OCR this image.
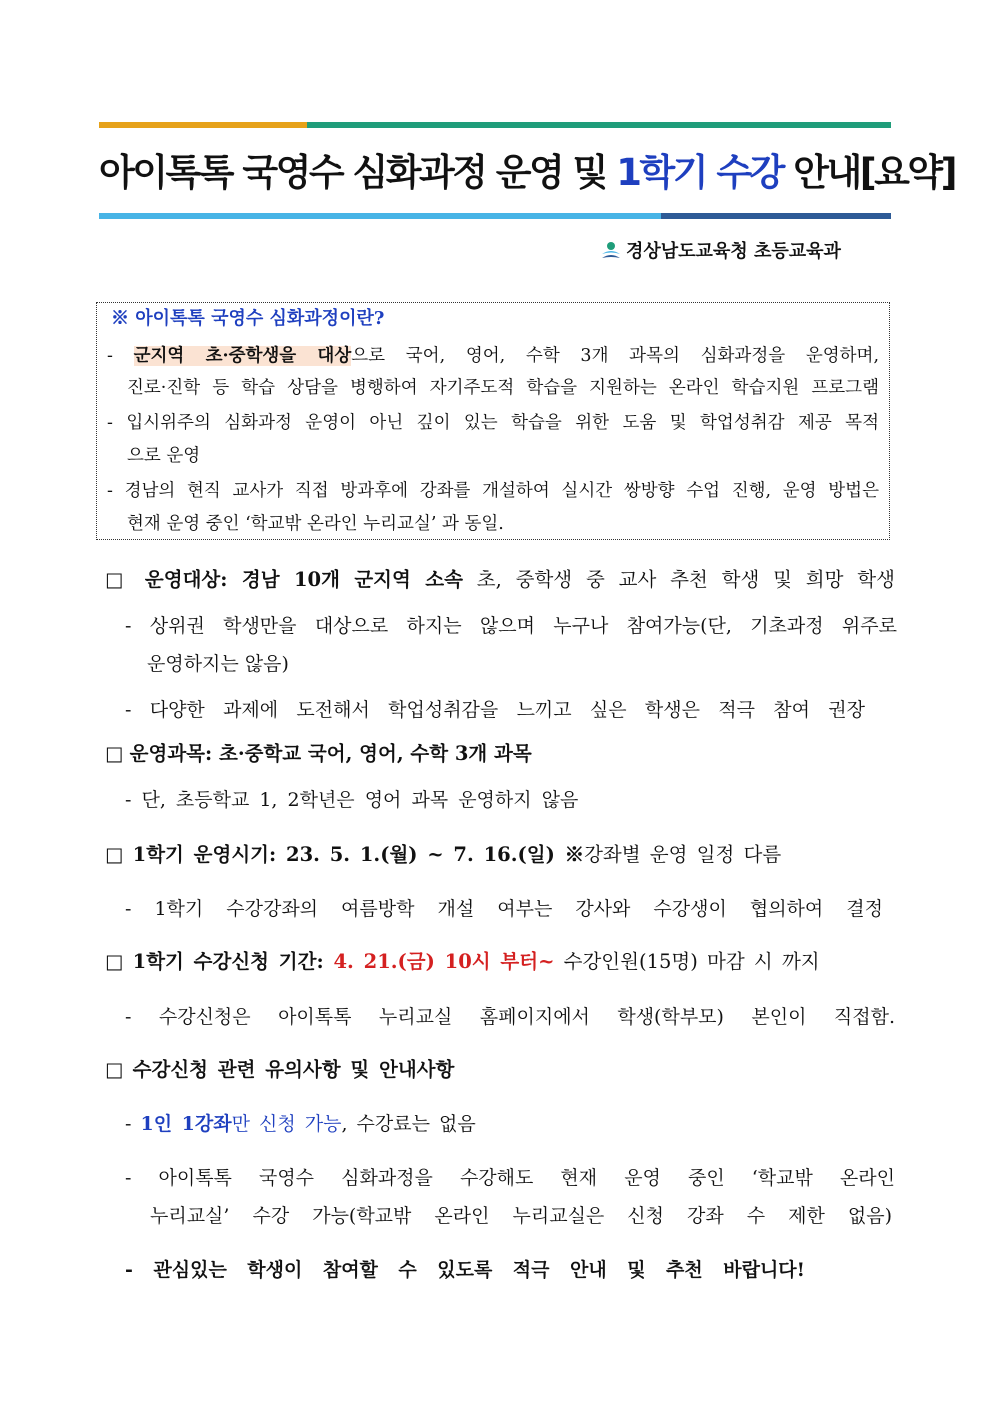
아이톡톡 국영수 심화과정 운영 및 1학기 수강 안내[요약]
경상남도교육청 초등교육과
※ 아이톡톡 국영수 심화과정이란?
- 군지역 초·중학생을 대상으로 국어, 영어, 수학 3개 과목의 심화과정을 운영하며,
진로·진학 등 학습 상담을 병행하여 자기주도적 학습을 지원하는 온라인 학습지원 프로그램
- 입시위주의 심화과정 운영이 아닌 깊이 있는 학습을 위한 도움 및 학업성취감 제공 목적
으로 운영
- 경남의 현직 교사가 직접 방과후에 강좌를 개설하여 실시간 쌍방향 수업 진행, 운영 방법은
현재 운영 중인 ‘학교밖 온라인 누리교실’ 과 동일.
□ 운영대상: 경남 10개 군지역 소속 초, 중학생 중 교사 추천 학생 및 희망 학생
- 상위권 학생만을 대상으로 하지는 않으며 누구나 참여가능(단, 기초과정 위주로
운영하지는 않음)
- 다양한 과제에 도전해서 학업성취감을 느끼고 싶은 학생은 적극 참여 권장
□ 운영과목: 초·중학교 국어, 영어, 수학 3개 과목
- 단, 초등학교 1, 2학년은 영어 과목 운영하지 않음
□ 1학기 운영시기: 23. 5. 1.(월) ~ 7. 16.(일) ※강좌별 운영 일정 다름
- 1학기 수강강좌의 여름방학 개설 여부는 강사와 수강생이 협의하여 결정
□ 1학기 수강신청 기간: 4. 21.(금) 10시 부터~ 수강인원(15명) 마감 시 까지
- 수강신청은 아이톡톡 누리교실 홈페이지에서 학생(학부모) 본인이 직접함.
□ 수강신청 관련 유의사항 및 안내사항
- 1인 1강좌만 신청 가능, 수강료는 없음
- 아이톡톡 국영수 심화과정을 수강해도 현재 운영 중인 ‘학교밖 온라인
누리교실’ 수강 가능(학교밖 온라인 누리교실은 신청 강좌 수 제한 없음)
- 관심있는 학생이 참여할 수 있도록 적극 안내 및 추천 바랍니다!
